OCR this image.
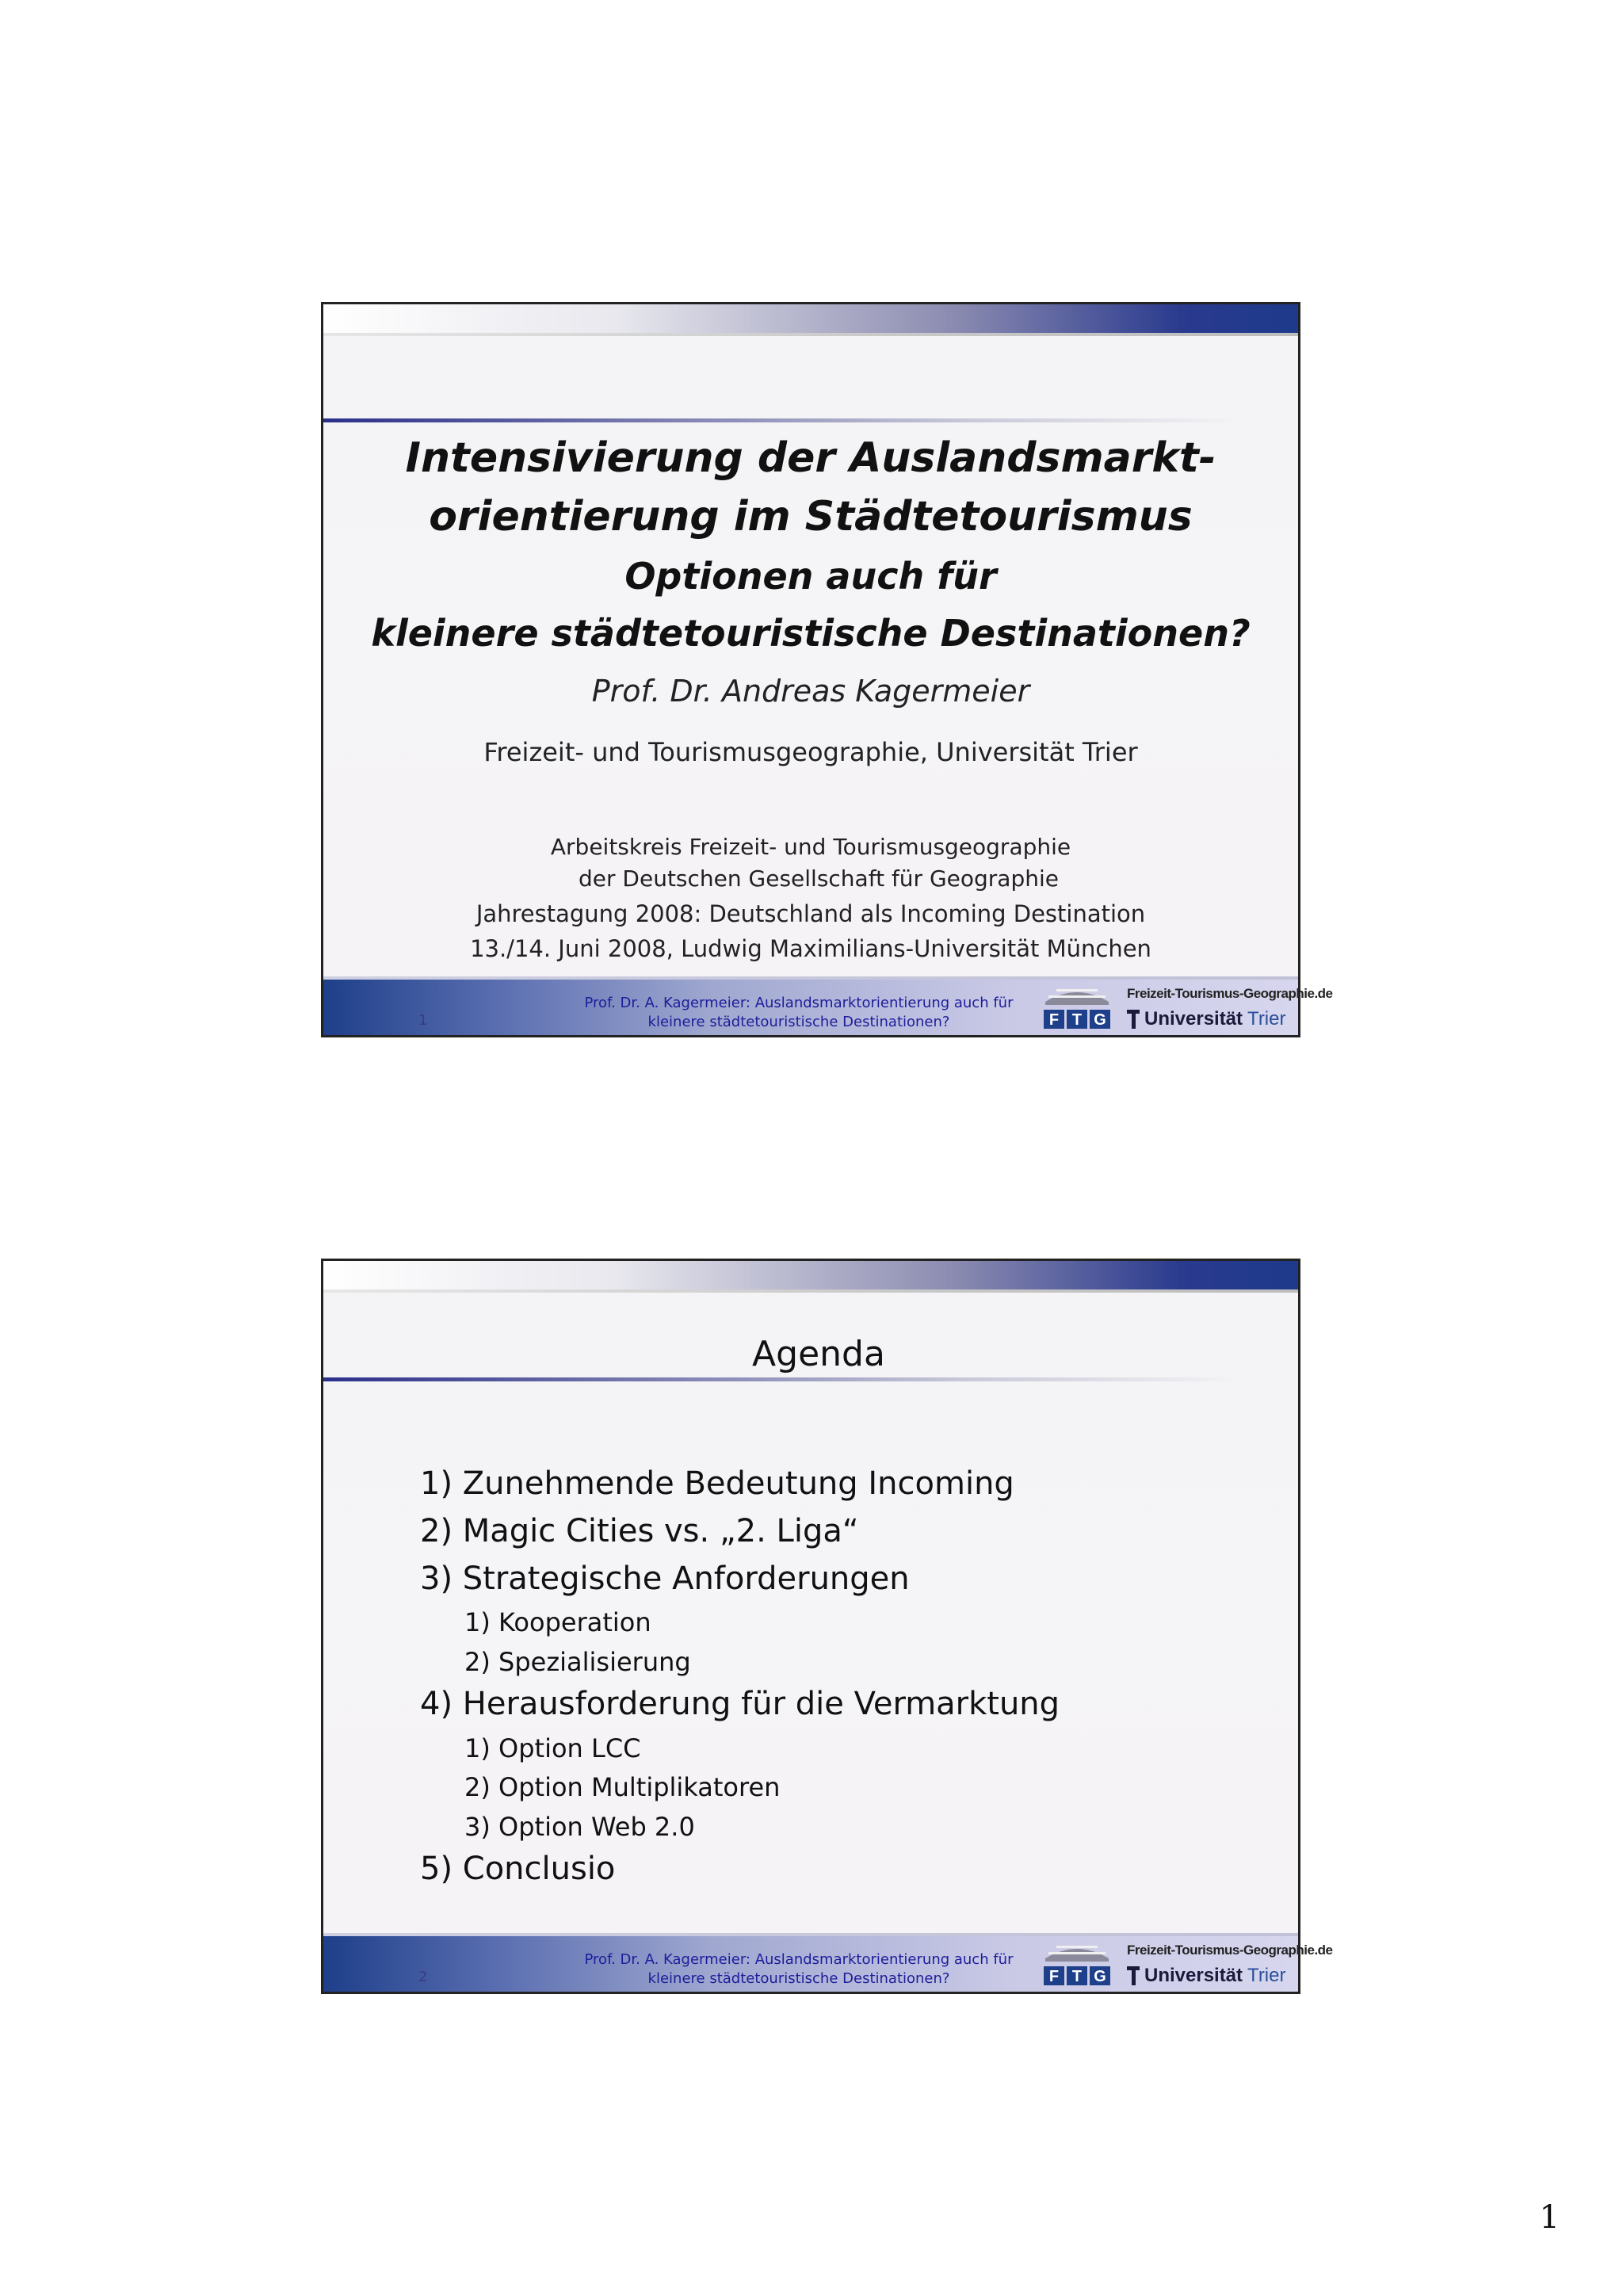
Intensivierung der Auslandsmarkt-
orientierung im Städtetourismus
Optionen auch für
kleinere städtetouristische Destinationen?
Prof. Dr. Andreas Kagermeier
Freizeit- und Tourismusgeographie, Universität Trier
Arbeitskreis Freizeit- und Tourismusgeographie
der Deutschen Gesellschaft für Geographie
Jahrestagung 2008: Deutschland als Incoming Destination
13./14. Juni 2008, Ludwig Maximilians-Universität München
1
Prof. Dr. A. Kagermeier: Auslandsmarktorientierung auch für
kleinere städtetouristische Destinationen?	F T G
Freizeit-Tourismus-Geographie.de
Universität Trier
Agenda
1) Zunehmende Bedeutung Incoming
2) Magic Cities vs. „2. Liga“
3) Strategische Anforderungen
1) Kooperation
2) Spezialisierung
4) Herausforderung für die Vermarktung
1) Option LCC
2) Option Multiplikatoren
3) Option Web 2.0
5) Conclusio
2
Prof. Dr. A. Kagermeier: Auslandsmarktorientierung auch für
kleinere städtetouristische Destinationen?	F T G
Freizeit-Tourismus-Geographie.de
Universität Trier
1
